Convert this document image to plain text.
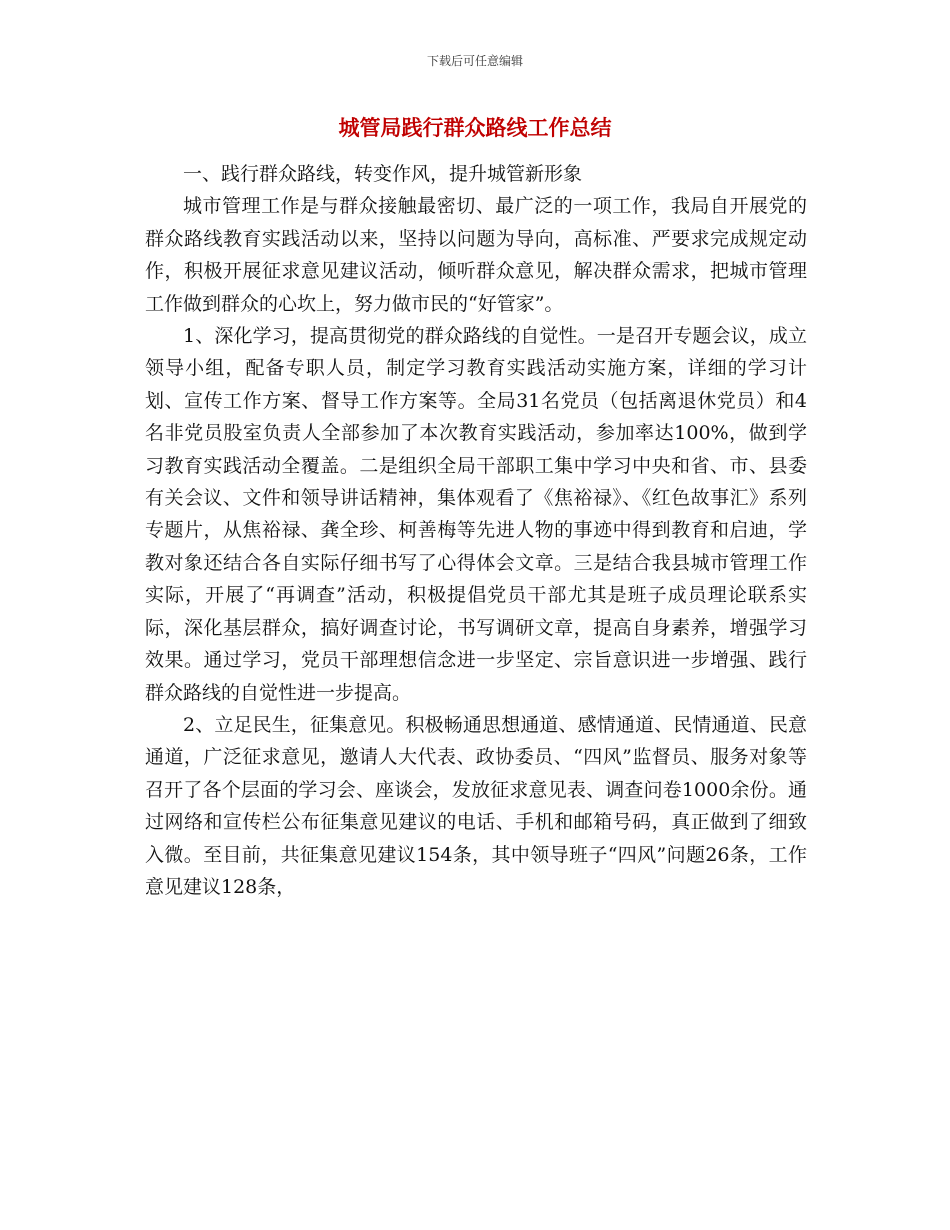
下载后可任意编辑
城管局践行群众路线工作总结

一、践行群众路线，转变作风，提升城管新形象

城市管理工作是与群众接触最密切、最广泛的一项工作，我局自开展党的群众路线教育实践活动以来，坚持以问题为导向，高标准、严要求完成规定动作，积极开展征求意见建议活动，倾听群众意见，解决群众需求，把城市管理工作做到群众的心坎上，努力做市民的“好管家”。

1、深化学习，提高贯彻党的群众路线的自觉性。一是召开专题会议，成立领导小组，配备专职人员，制定学习教育实践活动实施方案，详细的学习计划、宣传工作方案、督导工作方案等。全局31名党员（包括离退休党员）和4名非党员股室负责人全部参加了本次教育实践活动，参加率达100%，做到学习教育实践活动全覆盖。二是组织全局干部职工集中学习中央和省、市、县委有关会议、文件和领导讲话精神，集体观看了《焦裕禄》、《红色故事汇》系列专题片，从焦裕禄、龚全珍、柯善梅等先进人物的事迹中得到教育和启迪，学教对象还结合各自实际仔细书写了心得体会文章。三是结合我县城市管理工作实际，开展了“再调查”活动，积极提倡党员干部尤其是班子成员理论联系实际，深化基层群众，搞好调查讨论，书写调研文章，提高自身素养，增强学习效果。通过学习，党员干部理想信念进一步坚定、宗旨意识进一步增强、践行群众路线的自觉性进一步提高。

2、立足民生，征集意见。积极畅通思想通道、感情通道、民情通道、民意通道，广泛征求意见，邀请人大代表、政协委员、“四风”监督员、服务对象等召开了各个层面的学习会、座谈会，发放征求意见表、调查问卷1000余份。通过网络和宣传栏公布征集意见建议的电话、手机和邮箱号码，真正做到了细致入微。至目前，共征集意见建议154条，其中领导班子“四风”问题26条，工作意见建议128条，
